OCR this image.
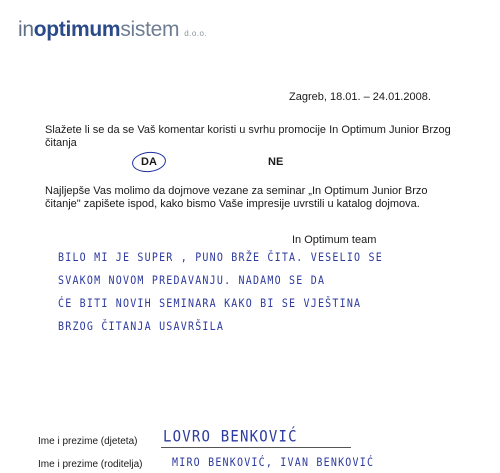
inoptimumsistem d.o.o.
Zagreb, 18.01. – 24.01.2008.
Slažete li se da se Vaš komentar koristi u svrhu promocije In Optimum Junior Brzog čitanja
DA	NE
Najljepše Vas molimo da dojmove vezane za seminar „In Optimum Junior Brzo čitanje" zapišete ispod, kako bismo Vaše impresije uvrstili u katalog dojmova.
In Optimum team
BILO MI JE SUPER , PUNO BRŽE ČITA. VESELIO SE
SVAKOM NOVOM PREDAVANJU. NADAMO SE DA
ĆE BITI NOVIH SEMINARA KAKO BI SE VJEŠTINA
BRZOG ČITANJA USAVRŠILA
Ime i prezime (djeteta) LOVRO BENKOVIĆ
Ime i prezime (roditelja)	MIRO BENKOVIĆ, IVAN BENKOVIĆ
